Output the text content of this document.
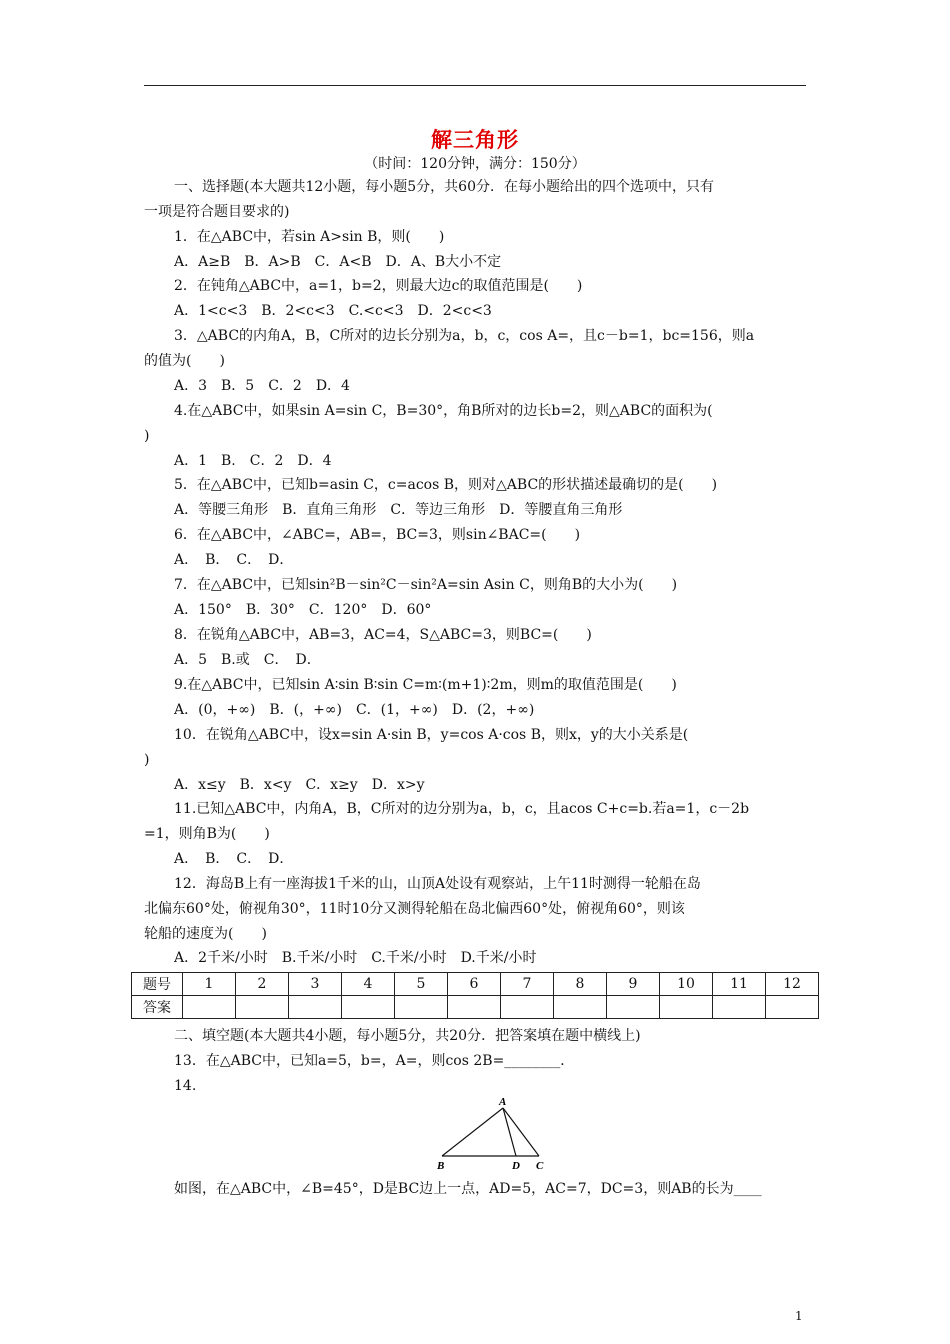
解三角形
（时间：120分钟，满分：150分）
一、选择题(本大题共12小题，每小题5分，共60分．在每小题给出的四个选项中，只有
一项是符合题目要求的)
1．在△ABC中，若sin A>sin B，则(　　)
A．A≥B　B．A>B　C．A<B　D．A、B大小不定
2．在钝角△ABC中，a=1，b=2，则最大边c的取值范围是(　　)
A．1<c<3　B．2<c<3　C.<c<3　D．2<c<3
3．△ABC的内角A，B，C所对的边长分别为a，b，c，cos A=，且c－b=1，bc=156，则a
的值为(　　)
A．3　B．5　C．2　D．4
4.在△ABC中，如果sin A=sin C，B=30°，角B所对的边长b=2，则△ABC的面积为(
)
A．1　B.　C．2　D．4
5．在△ABC中，已知b=asin C，c=acos B，则对△ABC的形状描述最确切的是(　　)
A．等腰三角形　B．直角三角形　C．等边三角形　D．等腰直角三角形
6．在△ABC中，∠ABC=，AB=，BC=3，则sin∠BAC=(　　)
A．　B．　C．　D．
7．在△ABC中，已知sin²B－sin²C－sin²A=sin Asin C，则角B的大小为(　　)
A．150°　B．30°　C．120°　D．60°
8．在锐角△ABC中，AB=3，AC=4，S△ABC=3，则BC=(　　)
A．5　B.或　C．　D．
9.在△ABC中，已知sin A∶sin B∶sin C=m∶(m+1)∶2m，则m的取值范围是(　　)
A．(0，+∞)　B．(，+∞)　C．(1，+∞)　D．(2，+∞)
10．在锐角△ABC中，设x=sin A·sin B，y=cos A·cos B，则x，y的大小关系是(
)
A．x≤y　B．x<y　C．x≥y　D．x>y
11.已知△ABC中，内角A，B，C所对的边分别为a，b，c，且acos C+c=b.若a=1，c－2b
=1，则角B为(　　)
A．　B．　C．　D．
12．海岛B上有一座海拔1千米的山，山顶A处设有观察站，上午11时测得一轮船在岛
北偏东60°处，俯视角30°，11时10分又测得轮船在岛北偏西60°处，俯视角60°，则该
轮船的速度为(　　)
A．2千米/小时　B.千米/小时　C.千米/小时　D.千米/小时
题号	1	2	3	4	5	6	7	8	9	10	11	12
答案												
二、填空题(本大题共4小题，每小题5分，共20分．把答案填在题中横线上)
13．在△ABC中，已知a=5，b=，A=，则cos 2B=________．
14.
A
B	D C
如图，在△ABC中，∠B=45°，D是BC边上一点，AD=5，AC=7，DC=3，则AB的长为____
1
